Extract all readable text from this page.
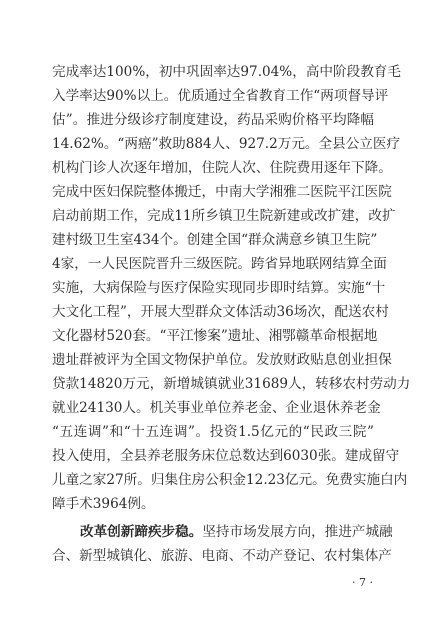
完成率达100%，初中巩固率达97.04%，高中阶段教育毛
入学率达90%以上。优质通过全省教育工作“两项督导评
估”。推进分级诊疗制度建设，药品采购价格平均降幅
14.62%。“两癌”救助884人、927.2万元。全县公立医疗
机构门诊人次逐年增加，住院人次、住院费用逐年下降。
完成中医妇保院整体搬迁，中南大学湘雅二医院平江医院
启动前期工作，完成11所乡镇卫生院新建或改扩建，改扩
建村级卫生室434个。创建全国“群众满意乡镇卫生院”
4家，一人民医院晋升三级医院。跨省异地联网结算全面
实施，大病保险与医疗保险实现同步即时结算。实施“十
大文化工程”，开展大型群众文体活动36场次，配送农村
文化器材520套。“平江惨案”遗址、湘鄂赣革命根据地
遗址群被评为全国文物保护单位。发放财政贴息创业担保
贷款14820万元，新增城镇就业31689人，转移农村劳动力
就业24130人。机关事业单位养老金、企业退休养老金
“五连调”和“十五连调”。投资1.5亿元的“民政三院”
投入使用，全县养老服务床位总数达到6030张。建成留守
儿童之家27所。归集住房公积金12.23亿元。免费实施白内
障手术3964例。
改革创新蹄疾步稳。坚持市场发展方向，推进产城融
合、新型城镇化、旅游、电商、不动产登记、农村集体产
· 7 ·
